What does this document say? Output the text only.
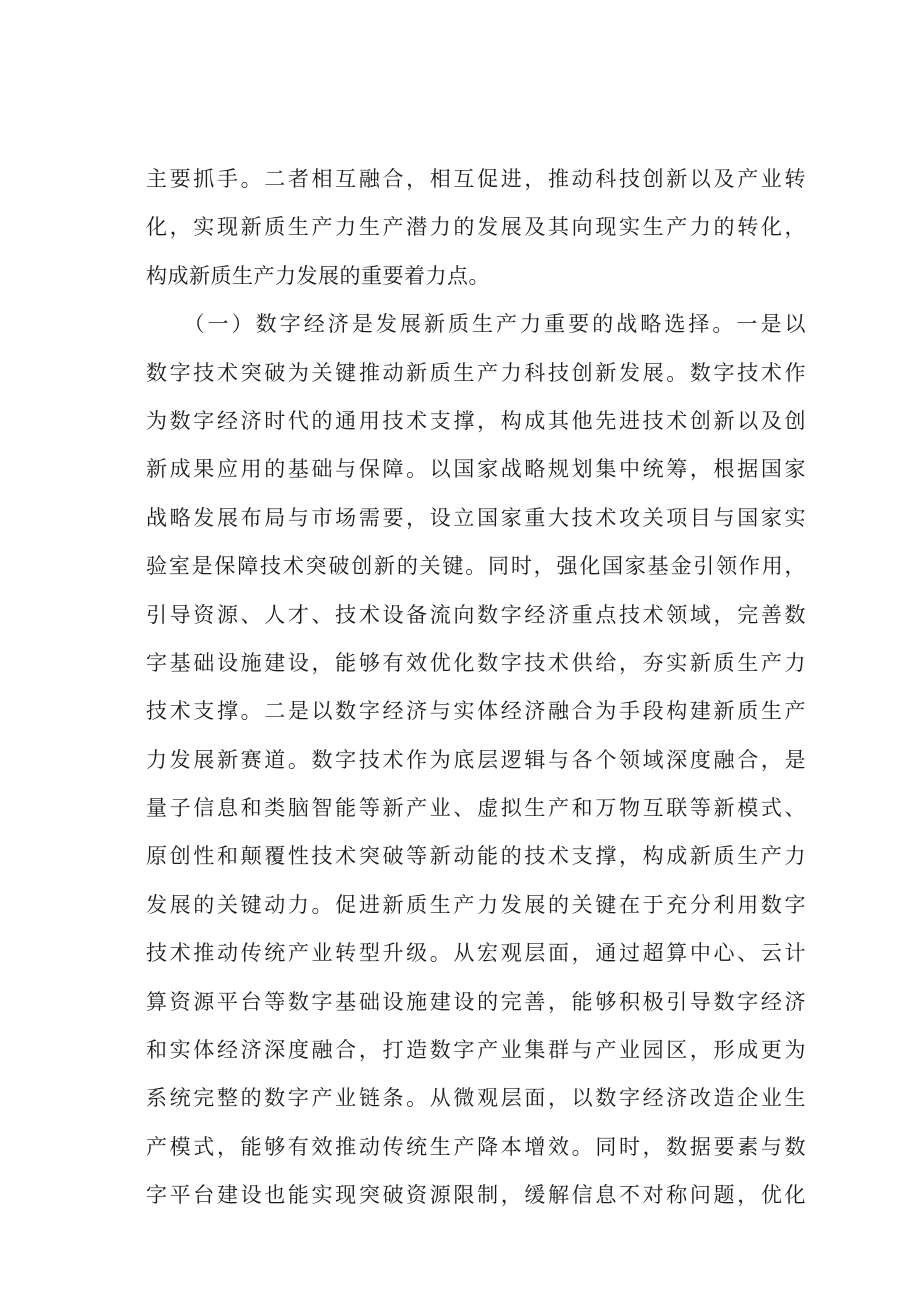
主要抓手。二者相互融合，相互促进，推动科技创新以及产业转
化，实现新质生产力生产潜力的发展及其向现实生产力的转化，
构成新质生产力发展的重要着力点。
　　（一）数字经济是发展新质生产力重要的战略选择。一是以
数字技术突破为关键推动新质生产力科技创新发展。数字技术作
为数字经济时代的通用技术支撑，构成其他先进技术创新以及创
新成果应用的基础与保障。以国家战略规划集中统筹，根据国家
战略发展布局与市场需要，设立国家重大技术攻关项目与国家实
验室是保障技术突破创新的关键。同时，强化国家基金引领作用，
引导资源、人才、技术设备流向数字经济重点技术领域，完善数
字基础设施建设，能够有效优化数字技术供给，夯实新质生产力
技术支撑。二是以数字经济与实体经济融合为手段构建新质生产
力发展新赛道。数字技术作为底层逻辑与各个领域深度融合，是
量子信息和类脑智能等新产业、虚拟生产和万物互联等新模式、
原创性和颠覆性技术突破等新动能的技术支撑，构成新质生产力
发展的关键动力。促进新质生产力发展的关键在于充分利用数字
技术推动传统产业转型升级。从宏观层面，通过超算中心、云计
算资源平台等数字基础设施建设的完善，能够积极引导数字经济
和实体经济深度融合，打造数字产业集群与产业园区，形成更为
系统完整的数字产业链条。从微观层面，以数字经济改造企业生
产模式，能够有效推动传统生产降本增效。同时，数据要素与数
字平台建设也能实现突破资源限制，缓解信息不对称问题，优化
